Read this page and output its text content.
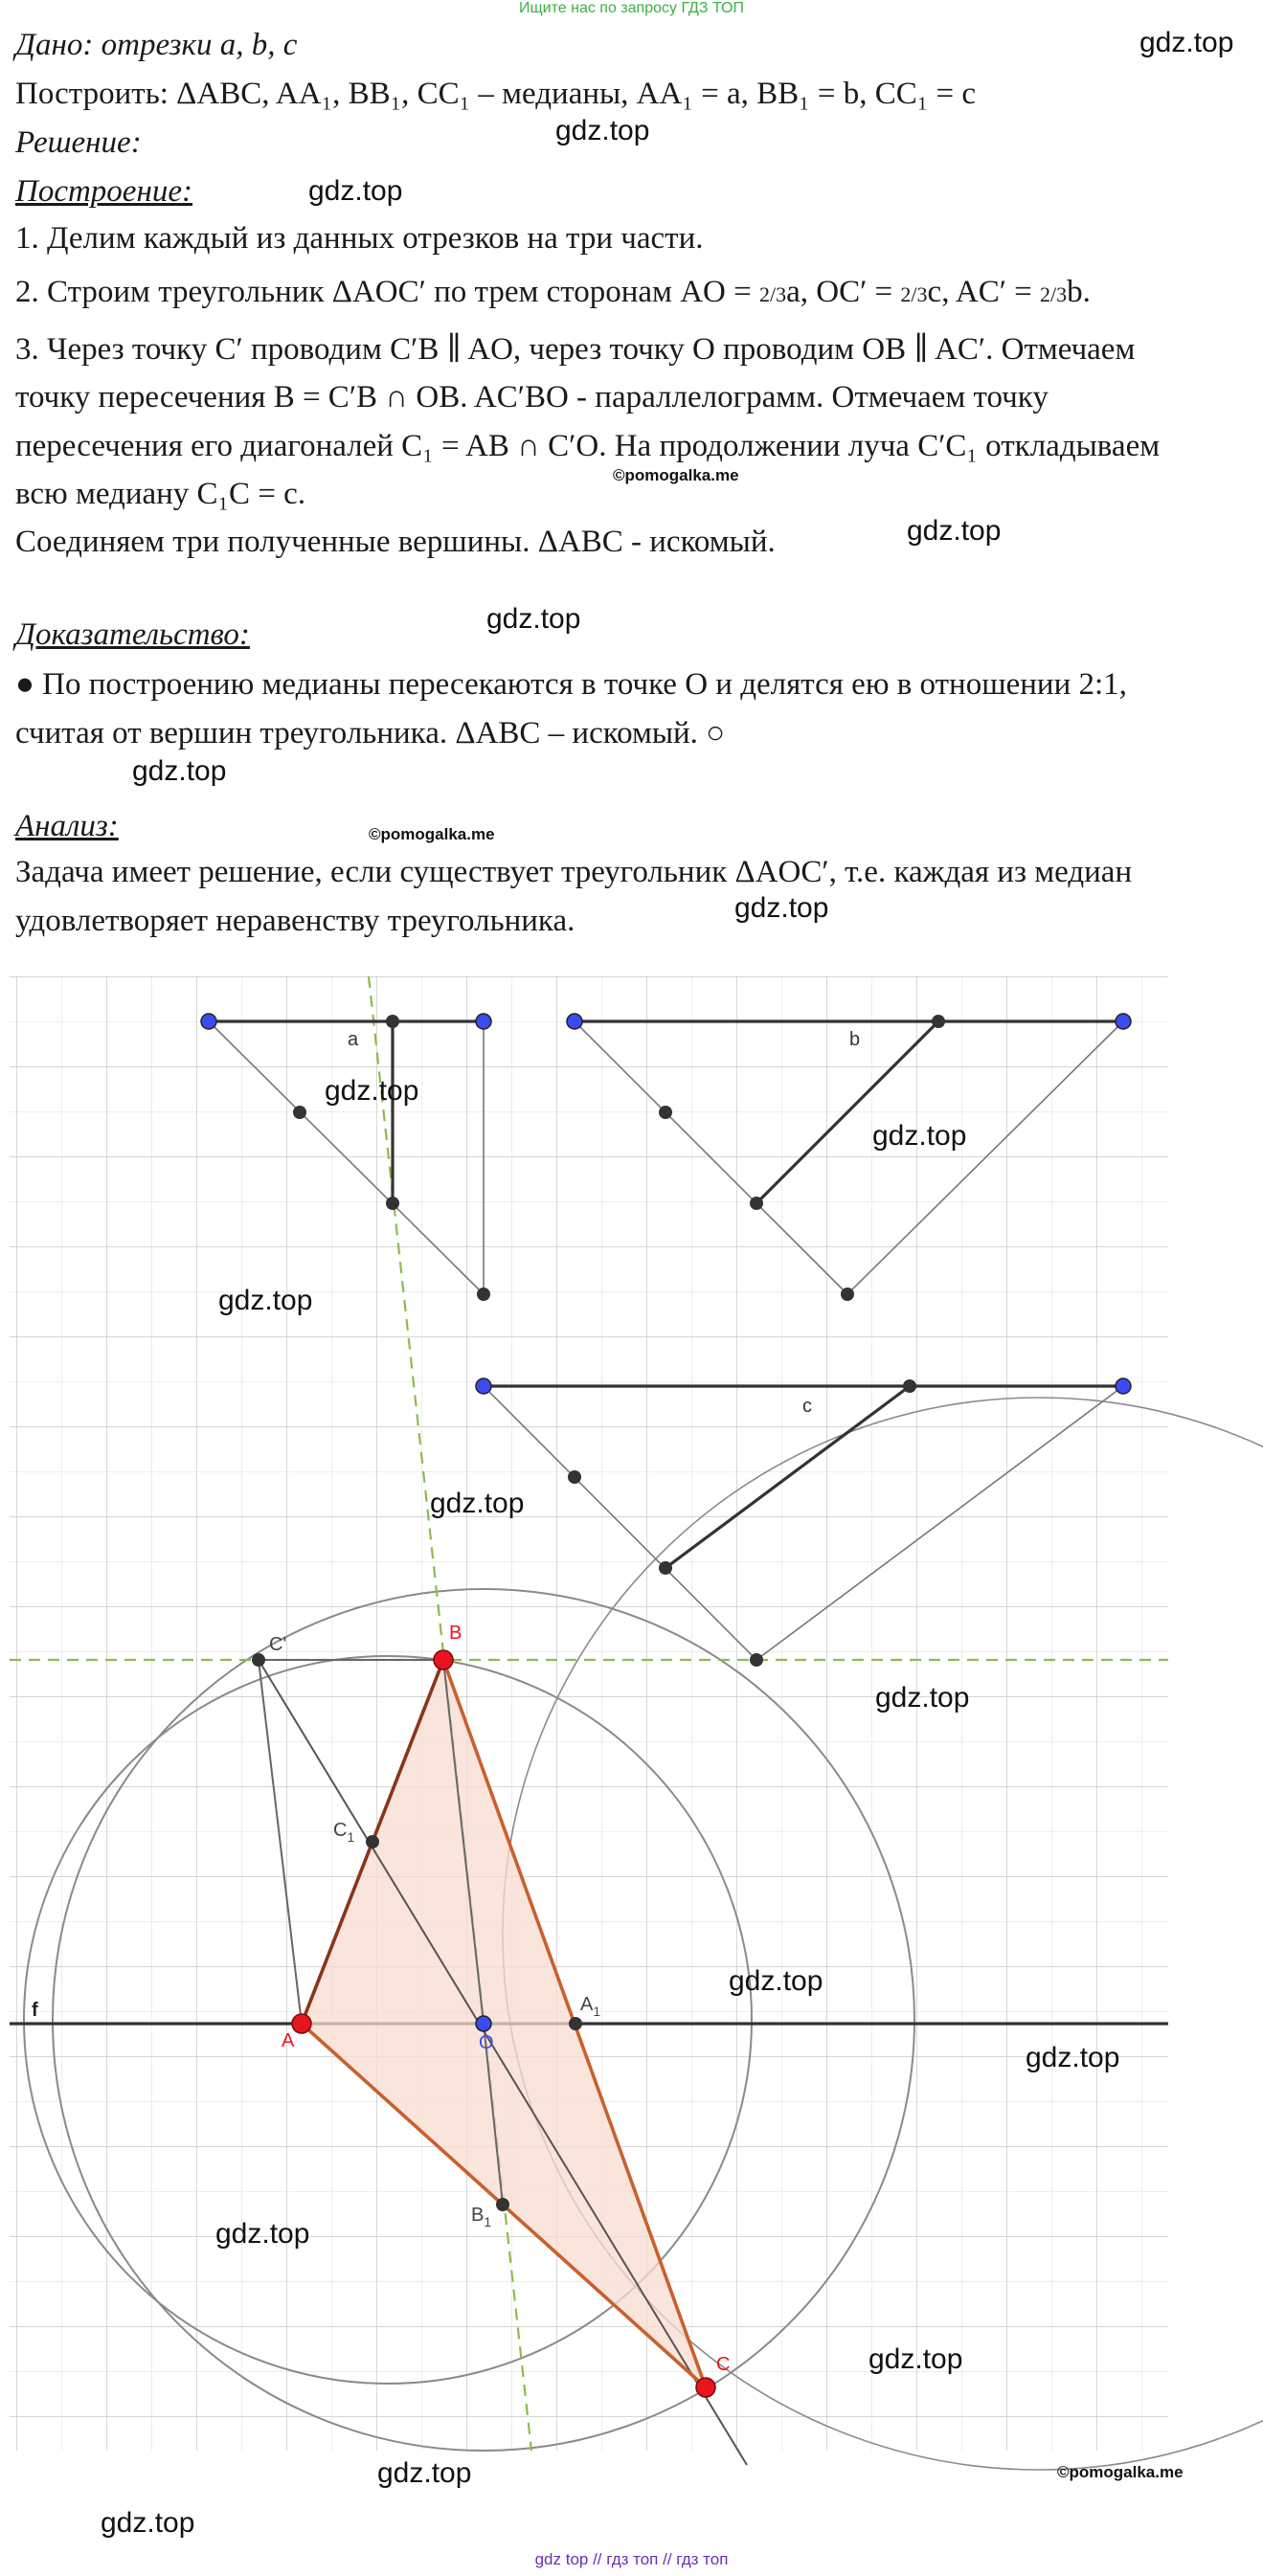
Ищите нас по запросу ГДЗ ТОП
Дано: отрезки a, b, c
Построить: ΔABC, AA₁, BB₁, CC₁ – медианы, AA₁ = a, BB₁ = b, CC₁ = c
Решение:
Построение:
1. Делим каждый из данных отрезков на три части.
2. Строим треугольник ΔAOC′ по трем сторонам AO = 2/3a, OC′ = 2/3c, AC′ = 2/3b.
3. Через точку C′ проводим C′B ∥ AO, через точку O проводим OB ∥ AC′. Отмечаем
точку пересечения B = C′B ∩ OB. AC′BO - параллелограмм. Отмечаем точку
пересечения его диагоналей C₁ = AB ∩ C′O. На продолжении луча C′C₁ откладываем
всю медиану C₁C = c.
Соединяем три полученные вершины. ΔABC - искомый.
Доказательство:
● По построению медианы пересекаются в точке O и делятся ею в отношении 2:1,
считая от вершин треугольника. ΔABC – искомый. ○
Анализ:
Задача имеет решение, если существует треугольник ΔAOC′, т.е. каждая из медиан
удовлетворяет неравенству треугольника.
a	b
c
f
C'
B
$C_1$
$A_1$
A	O
$B_1$
C
gdz.top
gdz.top
gdz.top
©pomogalka.me
gdz.top
gdz.top
gdz.top
©pomogalka.me
gdz.top
gdz.top
gdz.top
gdz.top
gdz.top
gdz.top
gdz.top
gdz.top
gdz.top
gdz.top
gdz.top	©pomogalka.me
gdz.top
gdz top // гдз топ // гдз топ
